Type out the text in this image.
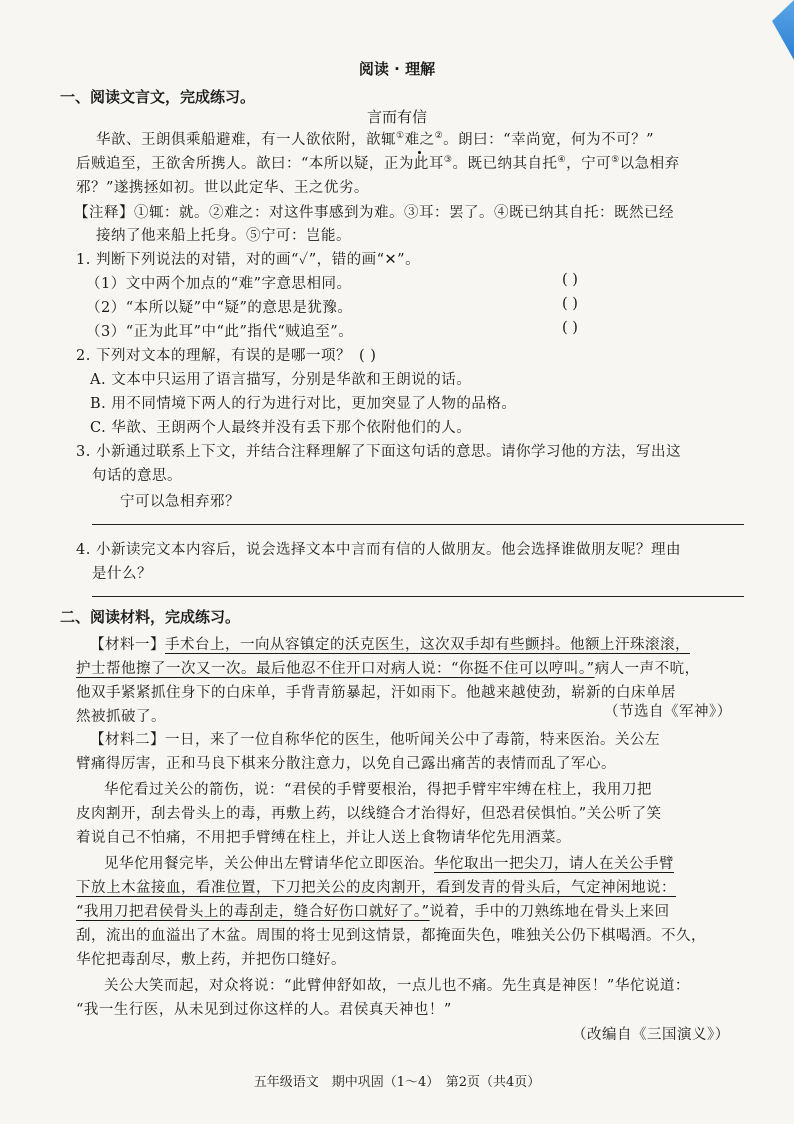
阅读 · 理解
一、阅读文言文，完成练习。
言而有信
华歆、王朗俱乘船避难，有一人欲依附，歆辄①难之②。朗曰：“幸尚宽，何为不可？”
后贼追至，王欲舍所携人。歆曰：“本所以疑，正为此耳③。既已纳其自托④，宁可⑤以急相弃
邪？”遂携拯如初。世以此定华、王之优劣。
【注释】①辄：就。②难之：对这件事感到为难。③耳：罢了。④既已纳其自托：既然已经
接纳了他来船上托身。⑤宁可：岂能。
1. 判断下列说法的对错，对的画“✓”，错的画“✕”。
（1）文中两个加点的“难”字意思相同。	( )
（2）“本所以疑”中“疑”的意思是犹豫。	( )
（3）“正为此耳”中“此”指代“贼追至”。	( )
2. 下列对文本的理解，有误的是哪一项？ ( )
A. 文本中只运用了语言描写，分别是华歆和王朗说的话。
B. 用不同情境下两人的行为进行对比，更加突显了人物的品格。
C. 华歆、王朗两个人最终并没有丢下那个依附他们的人。
3. 小新通过联系上下文，并结合注释理解了下面这句话的意思。请你学习他的方法，写出这
句话的意思。
宁可以急相弃邪？
4. 小新读完文本内容后，说会选择文本中言而有信的人做朋友。他会选择谁做朋友呢？理由
是什么？
二、阅读材料，完成练习。
【材料一】手术台上，一向从容镇定的沃克医生，这次双手却有些颤抖。他额上汗珠滚滚，
护士帮他擦了一次又一次。最后他忍不住开口对病人说：“你挺不住可以哼叫。”病人一声不吭，
他双手紧紧抓住身下的白床单，手背青筋暴起，汗如雨下。他越来越使劲，崭新的白床单居
然被抓破了。	（节选自《军神》）
【材料二】一日，来了一位自称华佗的医生，他听闻关公中了毒箭，特来医治。关公左
臂痛得厉害，正和马良下棋来分散注意力，以免自己露出痛苦的表情而乱了军心。
华佗看过关公的箭伤，说：“君侯的手臂要根治，得把手臂牢牢缚在柱上，我用刀把
皮肉割开，刮去骨头上的毒，再敷上药，以线缝合才治得好，但恐君侯惧怕。”关公听了笑
着说自己不怕痛，不用把手臂缚在柱上，并让人送上食物请华佗先用酒菜。
见华佗用餐完毕，关公伸出左臂请华佗立即医治。华佗取出一把尖刀，请人在关公手臂
下放上木盆接血，看准位置，下刀把关公的皮肉割开，看到发青的骨头后，气定神闲地说：
“我用刀把君侯骨头上的毒刮走，缝合好伤口就好了。”说着，手中的刀熟练地在骨头上来回
刮，流出的血溢出了木盆。周围的将士见到这情景，都掩面失色，唯独关公仍下棋喝酒。不久，
华佗把毒刮尽，敷上药，并把伤口缝好。
关公大笑而起，对众将说：“此臂伸舒如故，一点儿也不痛。先生真是神医！”华佗说道：
“我一生行医，从未见到过你这样的人。君侯真天神也！”
（改编自《三国演义》）
五年级语文　期中巩固（1～4）　第2页（共4页）
